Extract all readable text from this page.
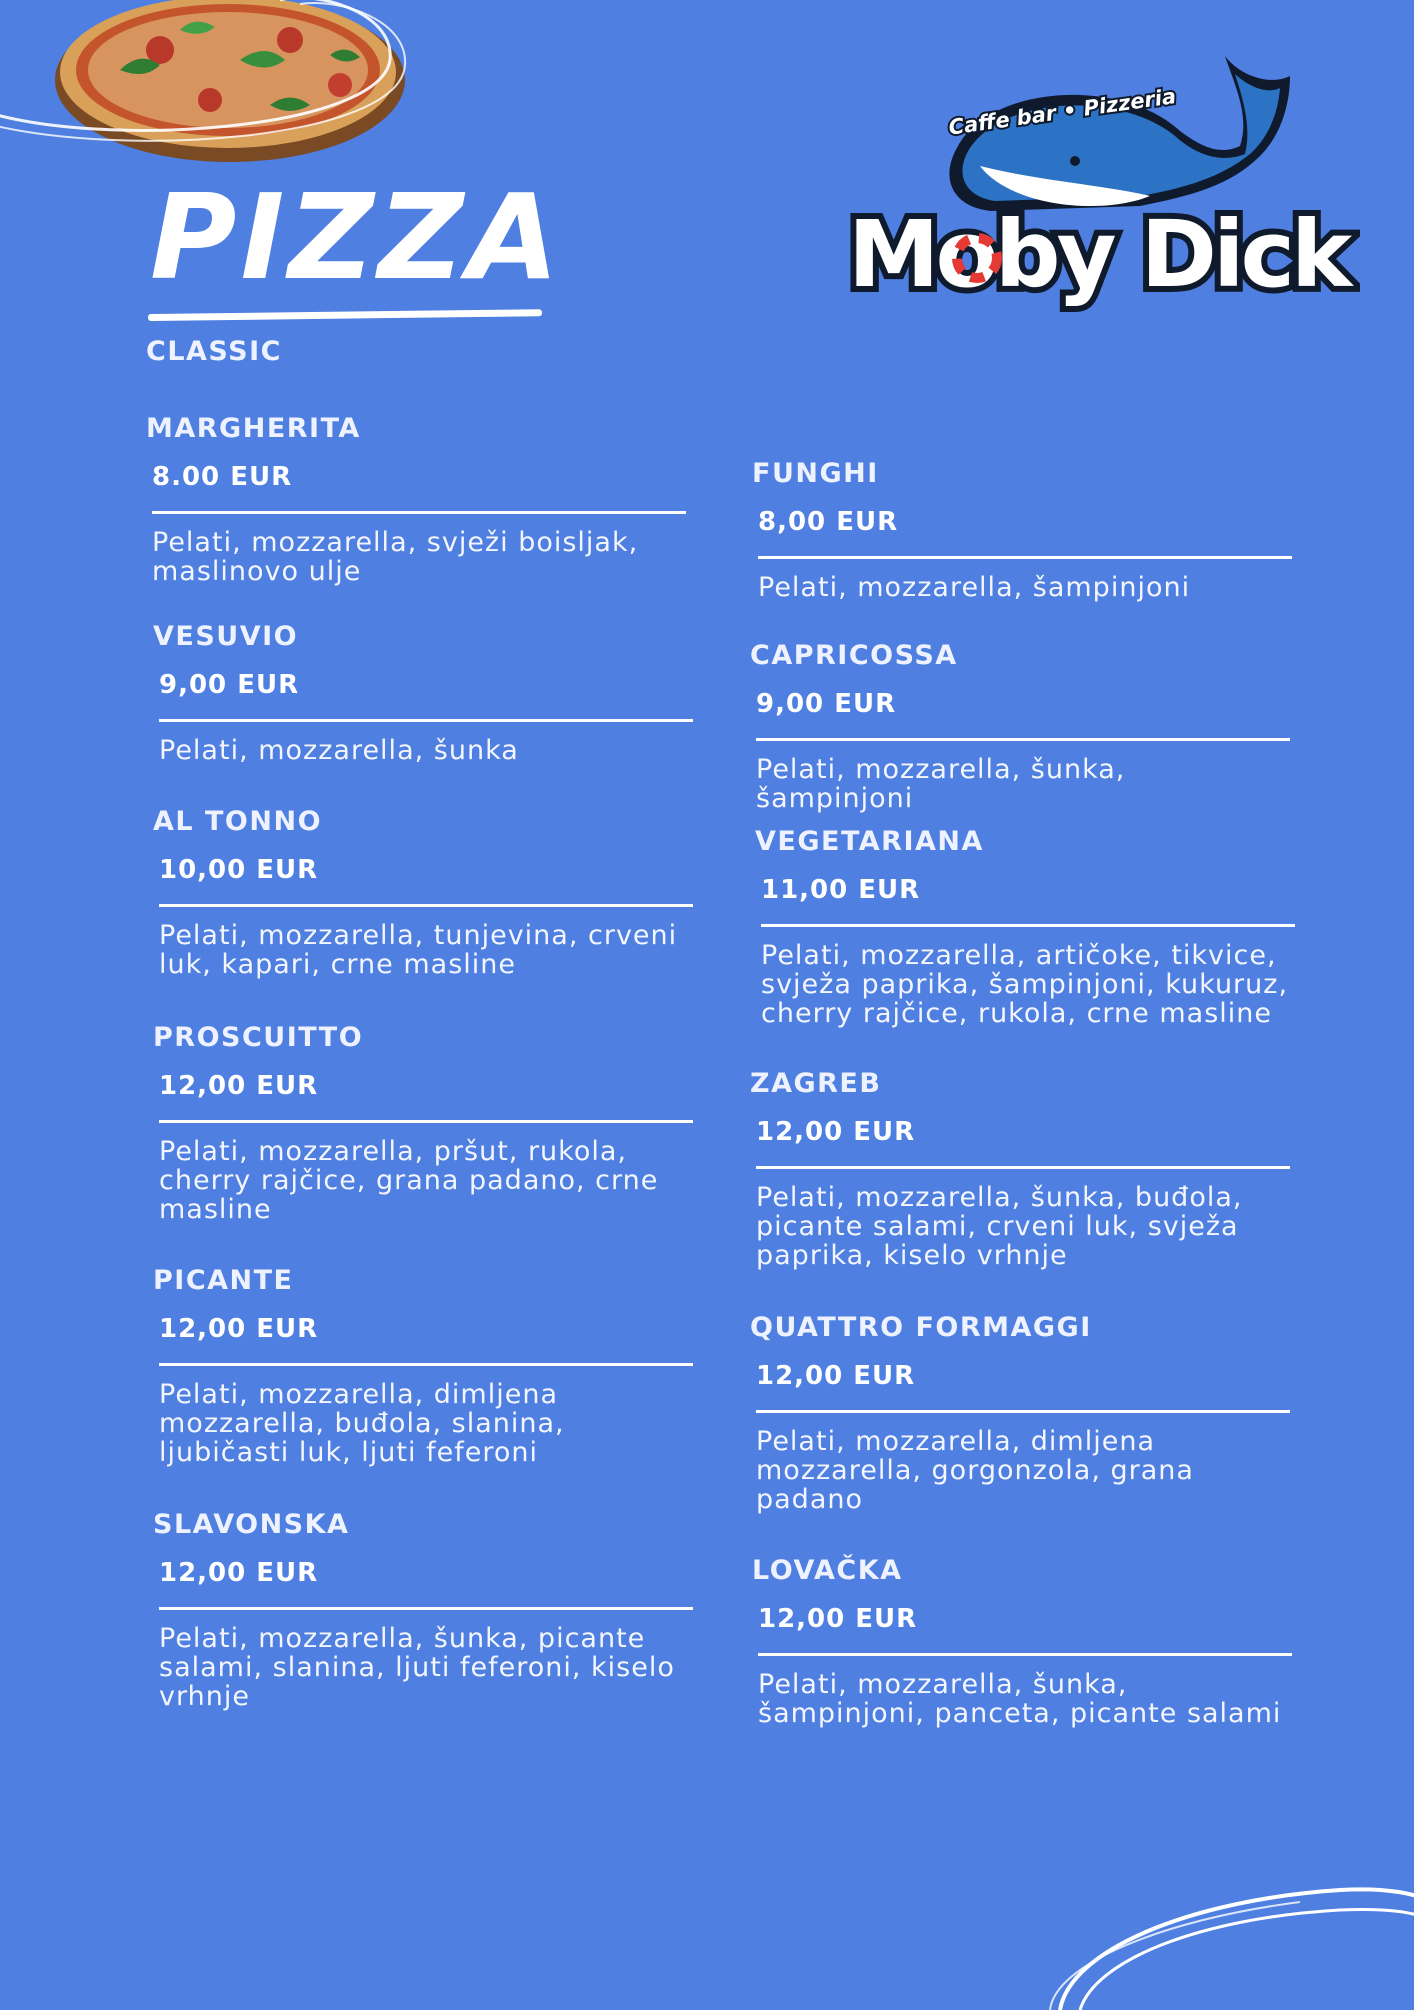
Caffe bar • Pizzeria
Moby Dick
PIZZA
CLASSIC
MARGHERITA
8.00 EUR
Pelati, mozzarella, svježi boisljak, maslinovo ulje
VESUVIO
9,00 EUR
Pelati, mozzarella, šunka
AL TONNO
10,00 EUR
Pelati, mozzarella, tunjevina, crveni luk, kapari, crne masline
PROSCUITTO
12,00 EUR
Pelati, mozzarella, pršut, rukola, cherry rajčice, grana padano, crne masline
PICANTE
12,00 EUR
Pelati, mozzarella, dimljena mozzarella, buđola, slanina, ljubičasti luk, ljuti feferoni
SLAVONSKA
12,00 EUR
Pelati, mozzarella, šunka, picante salami, slanina, ljuti feferoni, kiselo vrhnje
FUNGHI
8,00 EUR
Pelati, mozzarella, šampinjoni
CAPRICOSSA
9,00 EUR
Pelati, mozzarella, šunka, šampinjoni
VEGETARIANA
11,00 EUR
Pelati, mozzarella, artičoke, tikvice, svježa paprika, šampinjoni, kukuruz, cherry rajčice, rukola, crne masline
ZAGREB
12,00 EUR
Pelati, mozzarella, šunka, buđola, picante salami, crveni luk, svježa paprika, kiselo vrhnje
QUATTRO FORMAGGI
12,00 EUR
Pelati, mozzarella, dimljena mozzarella, gorgonzola, grana padano
LOVAČKA
12,00 EUR
Pelati, mozzarella, šunka, šampinjoni, panceta, picante salami
